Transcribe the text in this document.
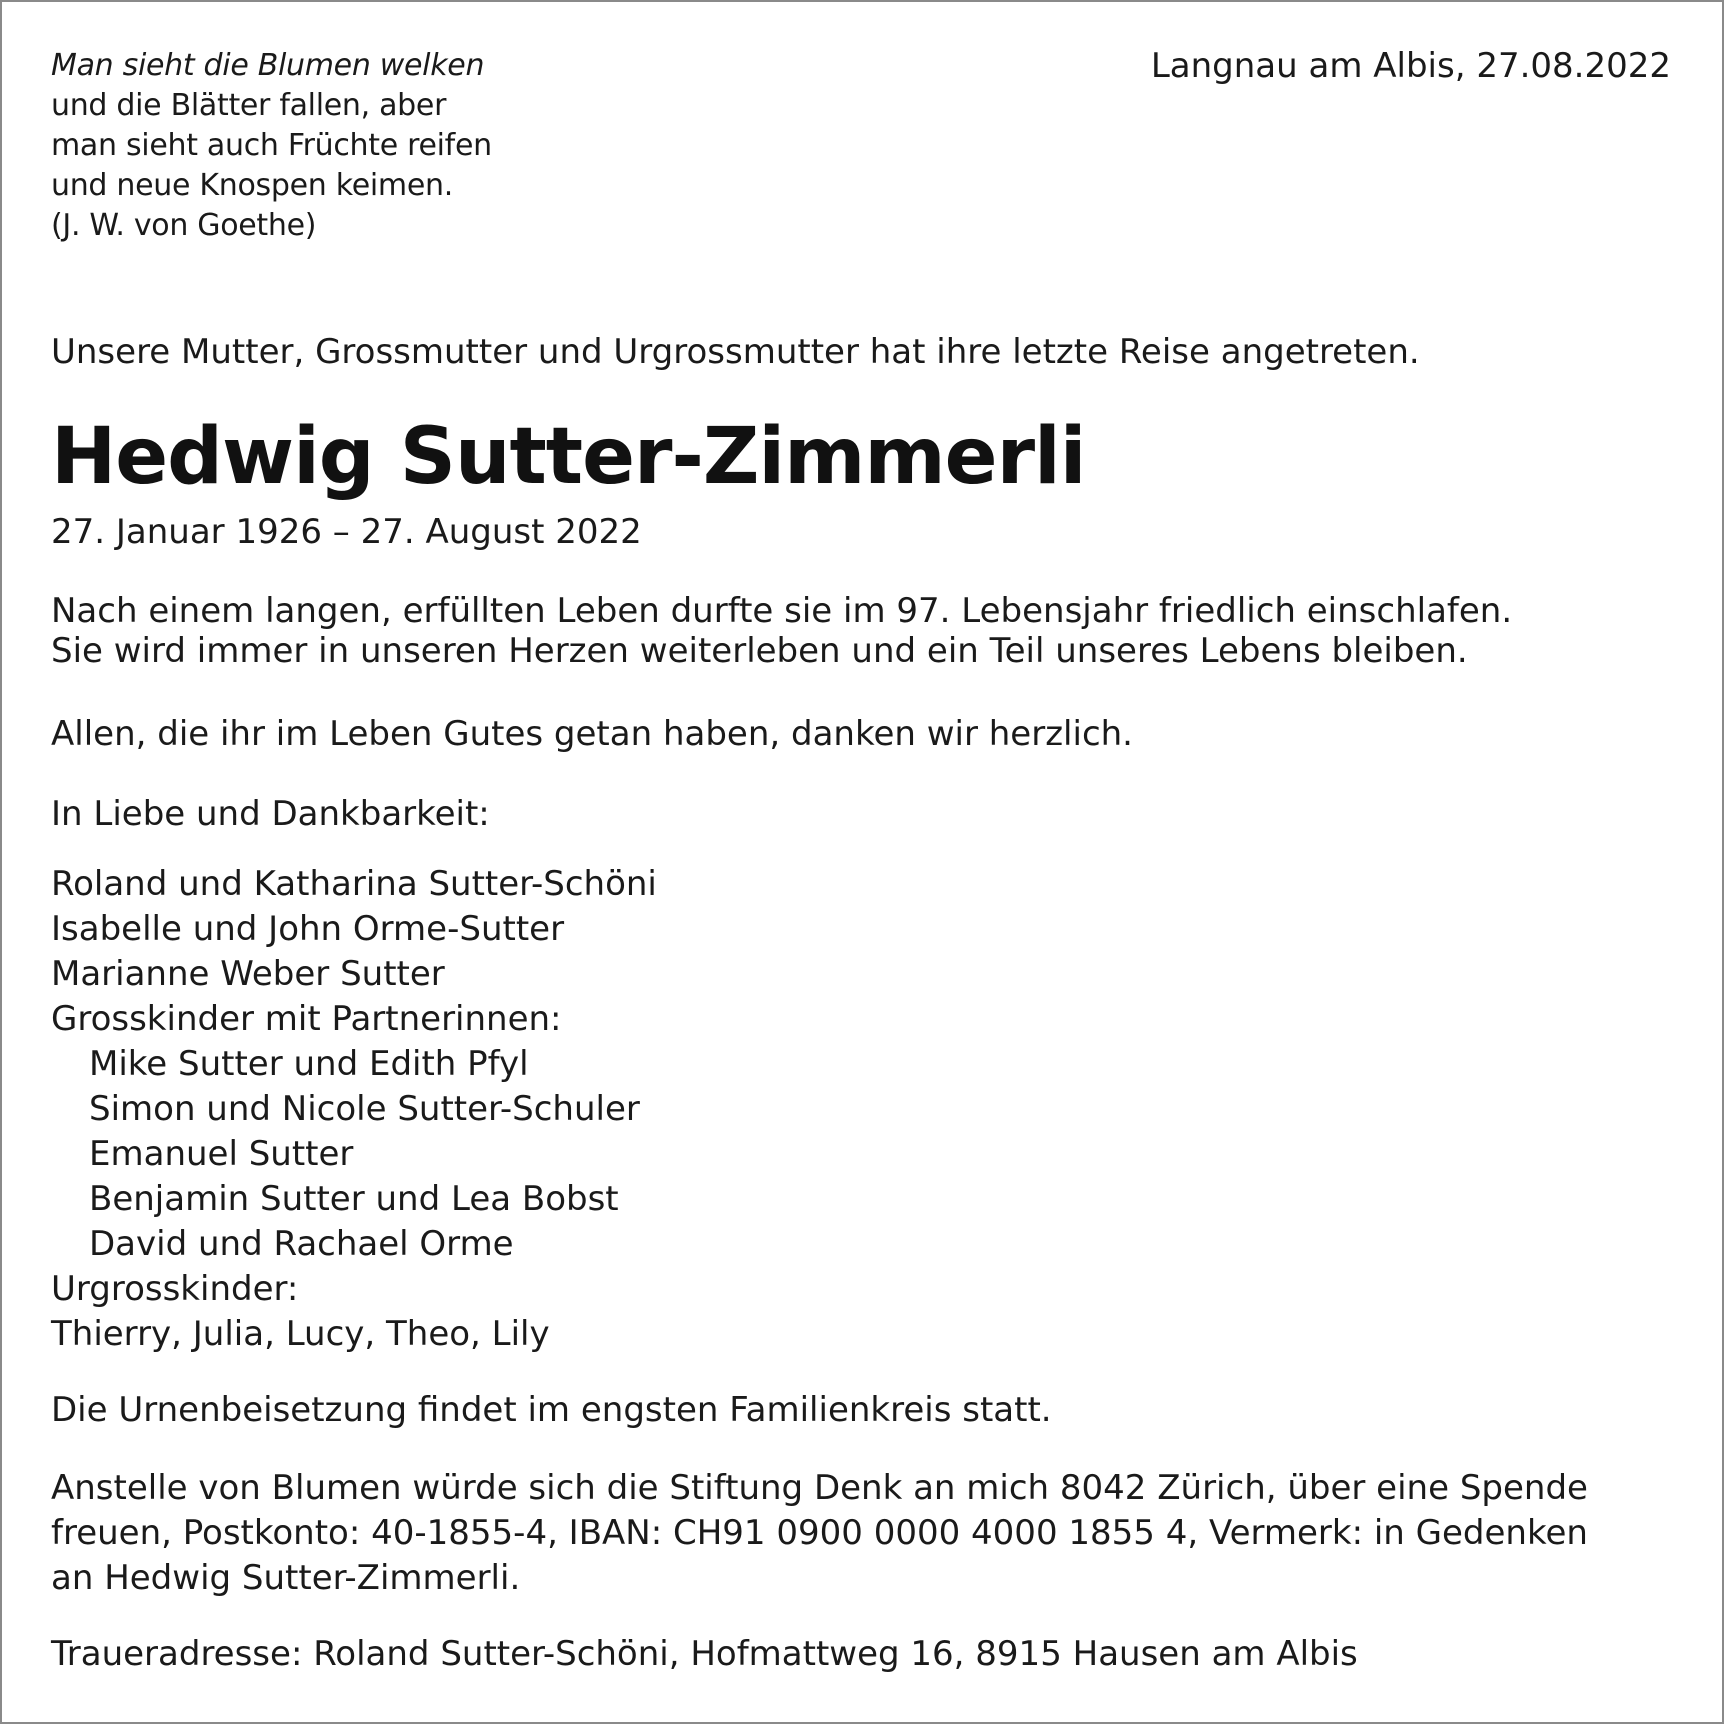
Man sieht die Blumen welken
und die Blätter fallen, aber
man sieht auch Früchte reifen
und neue Knospen keimen.
(J. W. von Goethe)
Langnau am Albis, 27.08.2022
Unsere Mutter, Grossmutter und Urgrossmutter hat ihre letzte Reise angetreten.
Hedwig Sutter-Zimmerli
27. Januar 1926 – 27. August 2022
Nach einem langen, erfüllten Leben durfte sie im 97. Lebensjahr friedlich einschlafen.
Sie wird immer in unseren Herzen weiterleben und ein Teil unseres Lebens bleiben.
Allen, die ihr im Leben Gutes getan haben, danken wir herzlich.
In Liebe und Dankbarkeit:
Roland und Katharina Sutter-Schöni
Isabelle und John Orme-Sutter
Marianne Weber Sutter
Grosskinder mit Partnerinnen:
Mike Sutter und Edith Pfyl
Simon und Nicole Sutter-Schuler
Emanuel Sutter
Benjamin Sutter und Lea Bobst
David und Rachael Orme
Urgrosskinder:
Thierry, Julia, Lucy, Theo, Lily
Die Urnenbeisetzung findet im engsten Familienkreis statt.
Anstelle von Blumen würde sich die Stiftung Denk an mich 8042 Zürich, über eine Spende
freuen, Postkonto: 40-1855-4, IBAN: CH91 0900 0000 4000 1855 4, Vermerk: in Gedenken
an Hedwig Sutter-Zimmerli.
Traueradresse: Roland Sutter-Schöni, Hofmattweg 16, 8915 Hausen am Albis
